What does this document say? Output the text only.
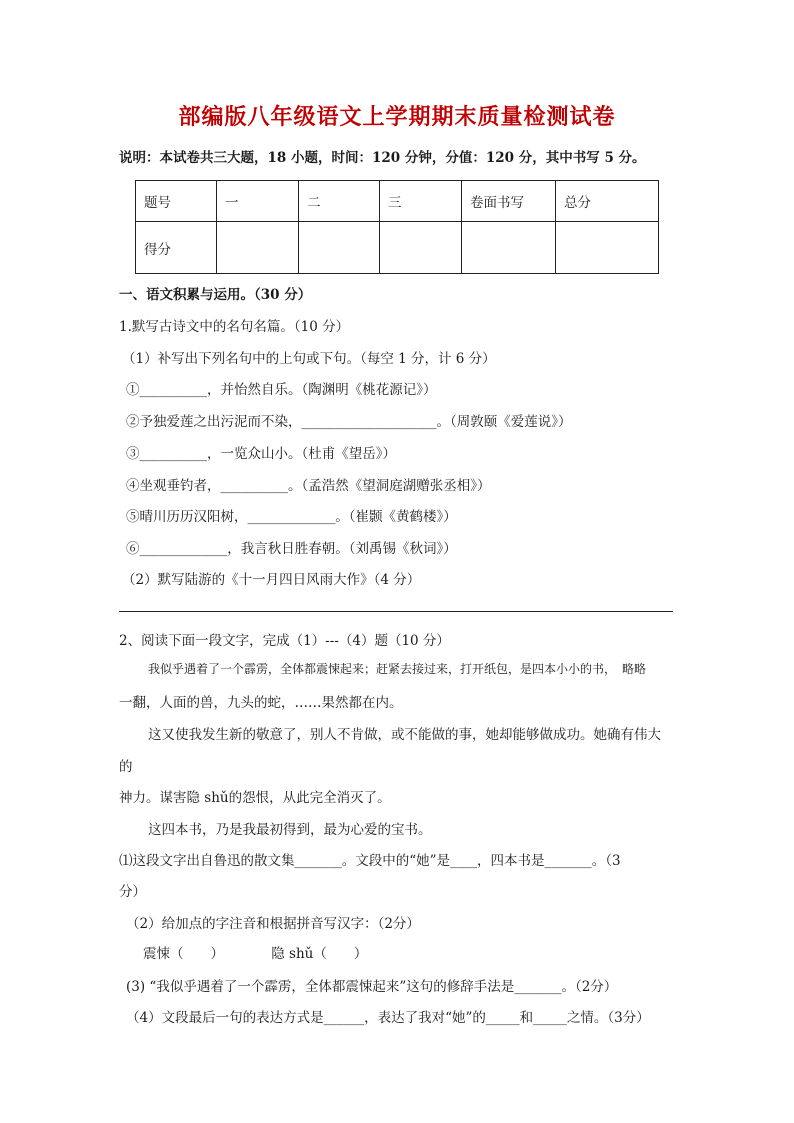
部编版八年级语文上学期期末质量检测试卷
说明：本试卷共三大题，18 小题，时间：120 分钟，分值：120 分，其中书写 5 分。
题号	一	二	三	卷面书写	总分
得分					
一、语文积累与运用。（30 分）
1.默写古诗文中的名句名篇。（10 分）
（1）补写出下列名句中的上句或下句。（每空 1 分，计 6 分）
①__________，并怡然自乐。（陶渊明《桃花源记》）
②予独爱莲之出污泥而不染，____________________。（周敦颐《爱莲说》）
③__________，一览众山小。（杜甫《望岳》）
④坐观垂钓者，__________。（孟浩然《望洞庭湖赠张丞相》）
⑤晴川历历汉阳树，_____________。（崔颢《黄鹤楼》）
⑥_____________，我言秋日胜春朝。（刘禹锡《秋词》）
（2）默写陆游的《十一月四日风雨大作》（4 分）
2、阅读下面一段文字，完成（1）---（4）题（10 分）
我似乎遇着了一个霹雳，全体都震悚起来；赶紧去接过来，打开纸包，是四本小小的书，　略略
一翻，人面的兽，九头的蛇，……果然都在内。
这又使我发生新的敬意了，别人不肯做，或不能做的事，她却能够做成功。她确有伟大
的
神力。谋害隐 shǔ的怨恨，从此完全消灭了。
这四本书，乃是我最初得到，最为心爱的宝书。
⑴这段文字出自鲁迅的散文集_______。文段中的“她”是____，四本书是_______。（3
分）
（2）给加点的字注音和根据拼音写汉字：（2分）
震悚（　　）　　　　隐 shǔ（　　）
(3) “我似乎遇着了一个霹雳，全体都震悚起来”这句的修辞手法是_______。（2分）
（4）文段最后一句的表达方式是______，表达了我对“她”的_____和_____之情。（3分）
